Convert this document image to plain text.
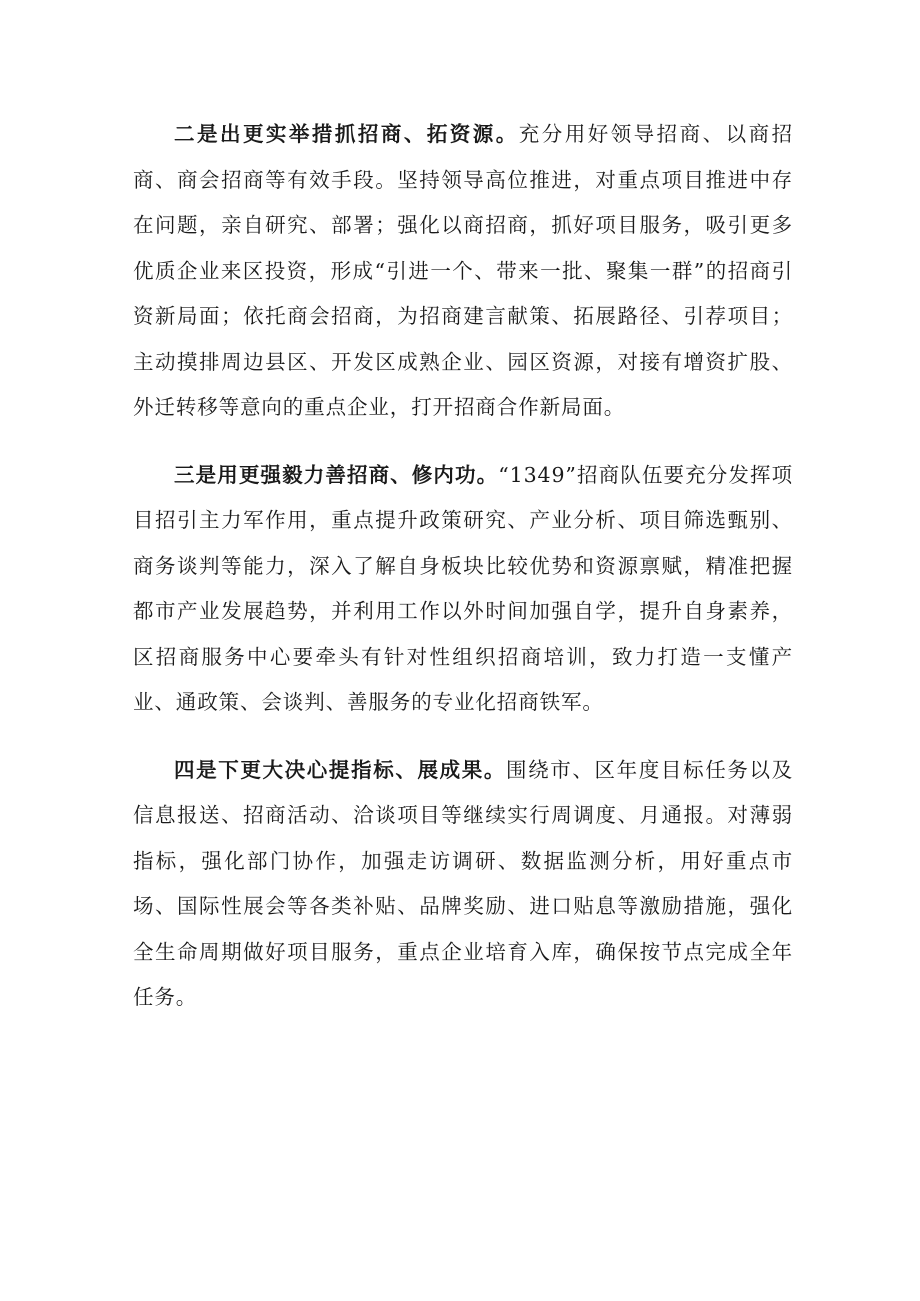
二是出更实举措抓招商、拓资源。充分用好领导招商、以商招商、商会招商等有效手段。坚持领导高位推进，对重点项目推进中存在问题，亲自研究、部署；强化以商招商，抓好项目服务，吸引更多优质企业来区投资，形成“引进一个、带来一批、聚集一群”的招商引资新局面；依托商会招商，为招商建言献策、拓展路径、引荐项目；主动摸排周边县区、开发区成熟企业、园区资源，对接有增资扩股、外迁转移等意向的重点企业，打开招商合作新局面。

三是用更强毅力善招商、修内功。“1349”招商队伍要充分发挥项目招引主力军作用，重点提升政策研究、产业分析、项目筛选甄别、商务谈判等能力，深入了解自身板块比较优势和资源禀赋，精准把握都市产业发展趋势，并利用工作以外时间加强自学，提升自身素养，区招商服务中心要牵头有针对性组织招商培训，致力打造一支懂产业、通政策、会谈判、善服务的专业化招商铁军。

四是下更大决心提指标、展成果。围绕市、区年度目标任务以及信息报送、招商活动、洽谈项目等继续实行周调度、月通报。对薄弱指标，强化部门协作，加强走访调研、数据监测分析，用好重点市场、国际性展会等各类补贴、品牌奖励、进口贴息等激励措施，强化全生命周期做好项目服务，重点企业培育入库，确保按节点完成全年任务。
